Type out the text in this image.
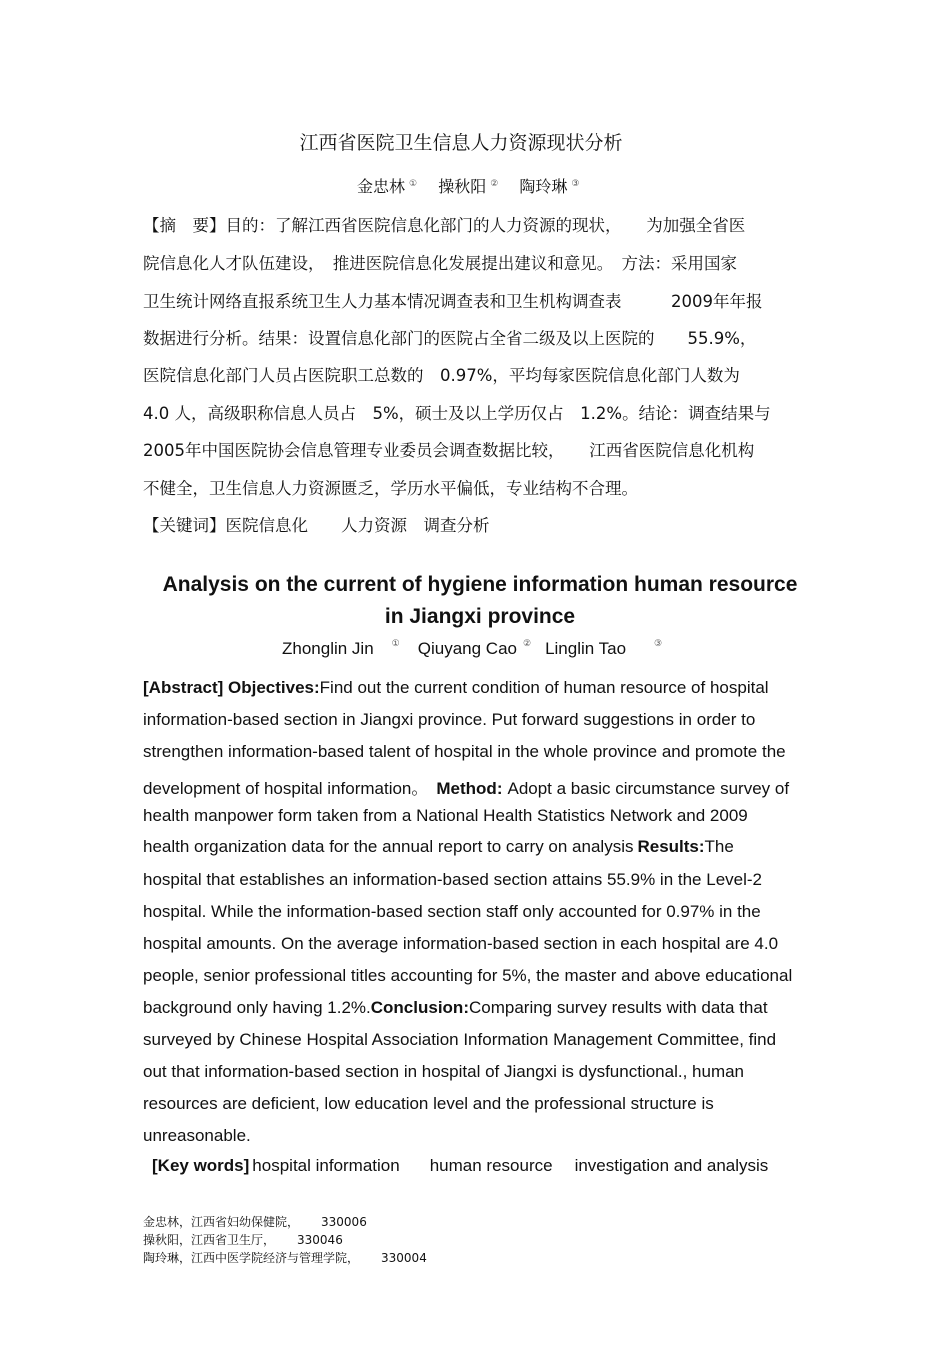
江西省医院卫生信息人力资源现状分析
金忠林 ① 操秋阳 ② 陶玲琳 ③
【摘　要】目的：了解江西省医院信息化部门的人力资源的现状，　　为加强全省医
院信息化人才队伍建设，　推进医院信息化发展提出建议和意见。　方法：采用国家
卫生统计网络直报系统卫生人力基本情况调查表和卫生机构调查表　　　2009年年报
数据进行分析。结果：设置信息化部门的医院占全省二级及以上医院的　　55.9%，
医院信息化部门人员占医院职工总数的　0.97%，平均每家医院信息化部门人数为
4.0 人，高级职称信息人员占　5%，硕士及以上学历仅占　1.2%。结论：调查结果与
2005年中国医院协会信息管理专业委员会调查数据比较，　　江西省医院信息化机构
不健全，卫生信息人力资源匮乏，学历水平偏低，专业结构不合理。
【关键词】医院信息化　　人力资源　调查分析
Analysis on the current of hygiene information human resource
in Jiangxi province
Zhonglin Jin ① Qiuyang Cao ② Linglin Tao	③
[Abstract] Objectives:Find out the current condition of human resource of hospital
information-based section in Jiangxi province. Put forward suggestions in order to
strengthen information-based talent of hospital in the whole province and promote the
development of hospital information。 Method: Adopt a basic circumstance survey of
health manpower form taken from a National Health Statistics Network and 2009
health organization data for the annual report to carry on analysis Results:The
hospital that establishes an information-based section attains 55.9% in the Level-2
hospital. While the information-based section staff only accounted for 0.97% in the
hospital amounts. On the average information-based section in each hospital are 4.0
people, senior professional titles accounting for 5%, the master and above educational
background only having 1.2%.Conclusion:Comparing survey results with data that
surveyed by Chinese Hospital Association Information Management Committee, find
out that information-based section in hospital of Jiangxi is dysfunctional., human
resources are deficient, low education level and the professional structure is
unreasonable.
[Key words] hospital information human resource investigation and analysis
金忠林，江西省妇幼保健院， 330006
操秋阳，江西省卫生厅， 330046
陶玲琳，江西中医学院经济与管理学院， 330004
